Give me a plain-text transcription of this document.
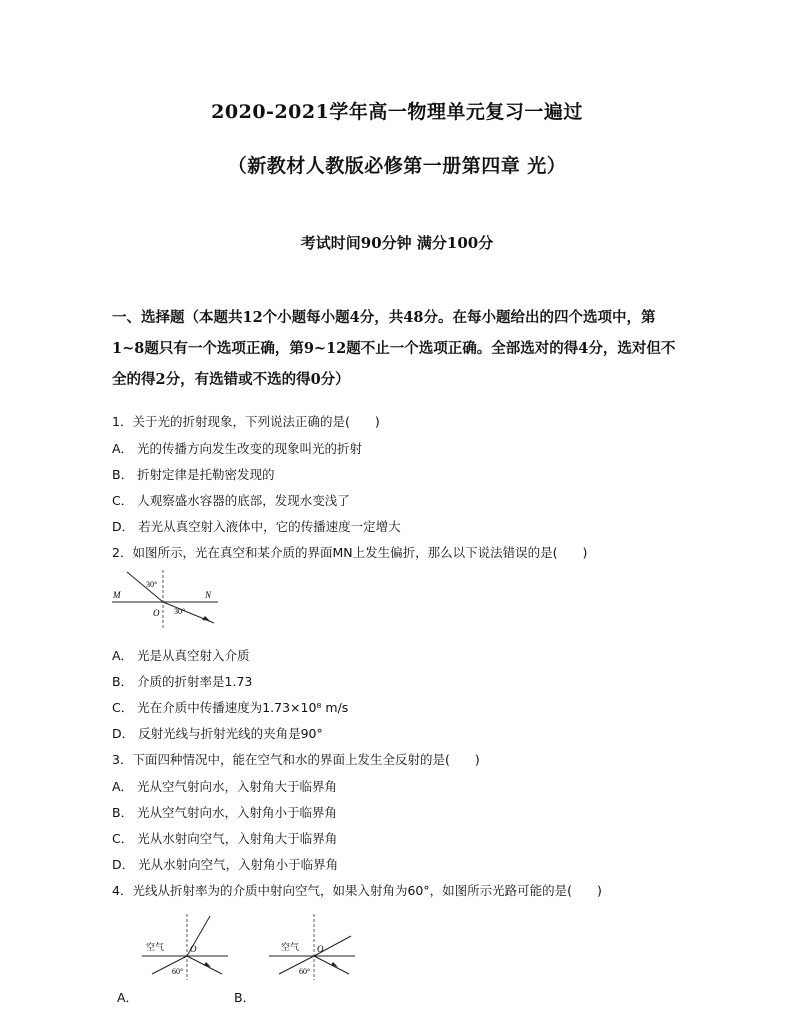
2020-2021学年高一物理单元复习一遍过
（新教材人教版必修第一册第四章 光）
考试时间90分钟 满分100分
一、选择题（本题共12个小题每小题4分，共48分。在每小题给出的四个选项中，第1~8题只有一个选项正确，第9~12题不止一个选项正确。全部选对的得4分，选对但不全的得2分，有选错或不选的得0分）
1．关于光的折射现象，下列说法正确的是(　　)
A． 光的传播方向发生改变的现象叫光的折射
B． 折射定律是托勒密发现的
C． 人观察盛水容器的底部，发现水变浅了
D． 若光从真空射入液体中，它的传播速度一定增大
2．如图所示，光在真空和某介质的界面MN上发生偏折，那么以下说法错误的是(　　)
30°
30°
M	N
O
A． 光是从真空射入介质
B． 介质的折射率是1.73
C． 光在介质中传播速度为1.73×10⁸ m/s
D． 反射光线与折射光线的夹角是90°
3．下面四种情况中，能在空气和水的界面上发生全反射的是(　　)
A． 光从空气射向水，入射角大于临界角
B． 光从空气射向水，入射角小于临界角
C． 光从水射向空气，入射角大于临界角
D． 光从水射向空气，入射角小于临界角
4．光线从折射率为的介质中射向空气，如果入射角为60°，如图所示光路可能的是(　　)
空气	O
60°
空气 O
60°
A．	B．
